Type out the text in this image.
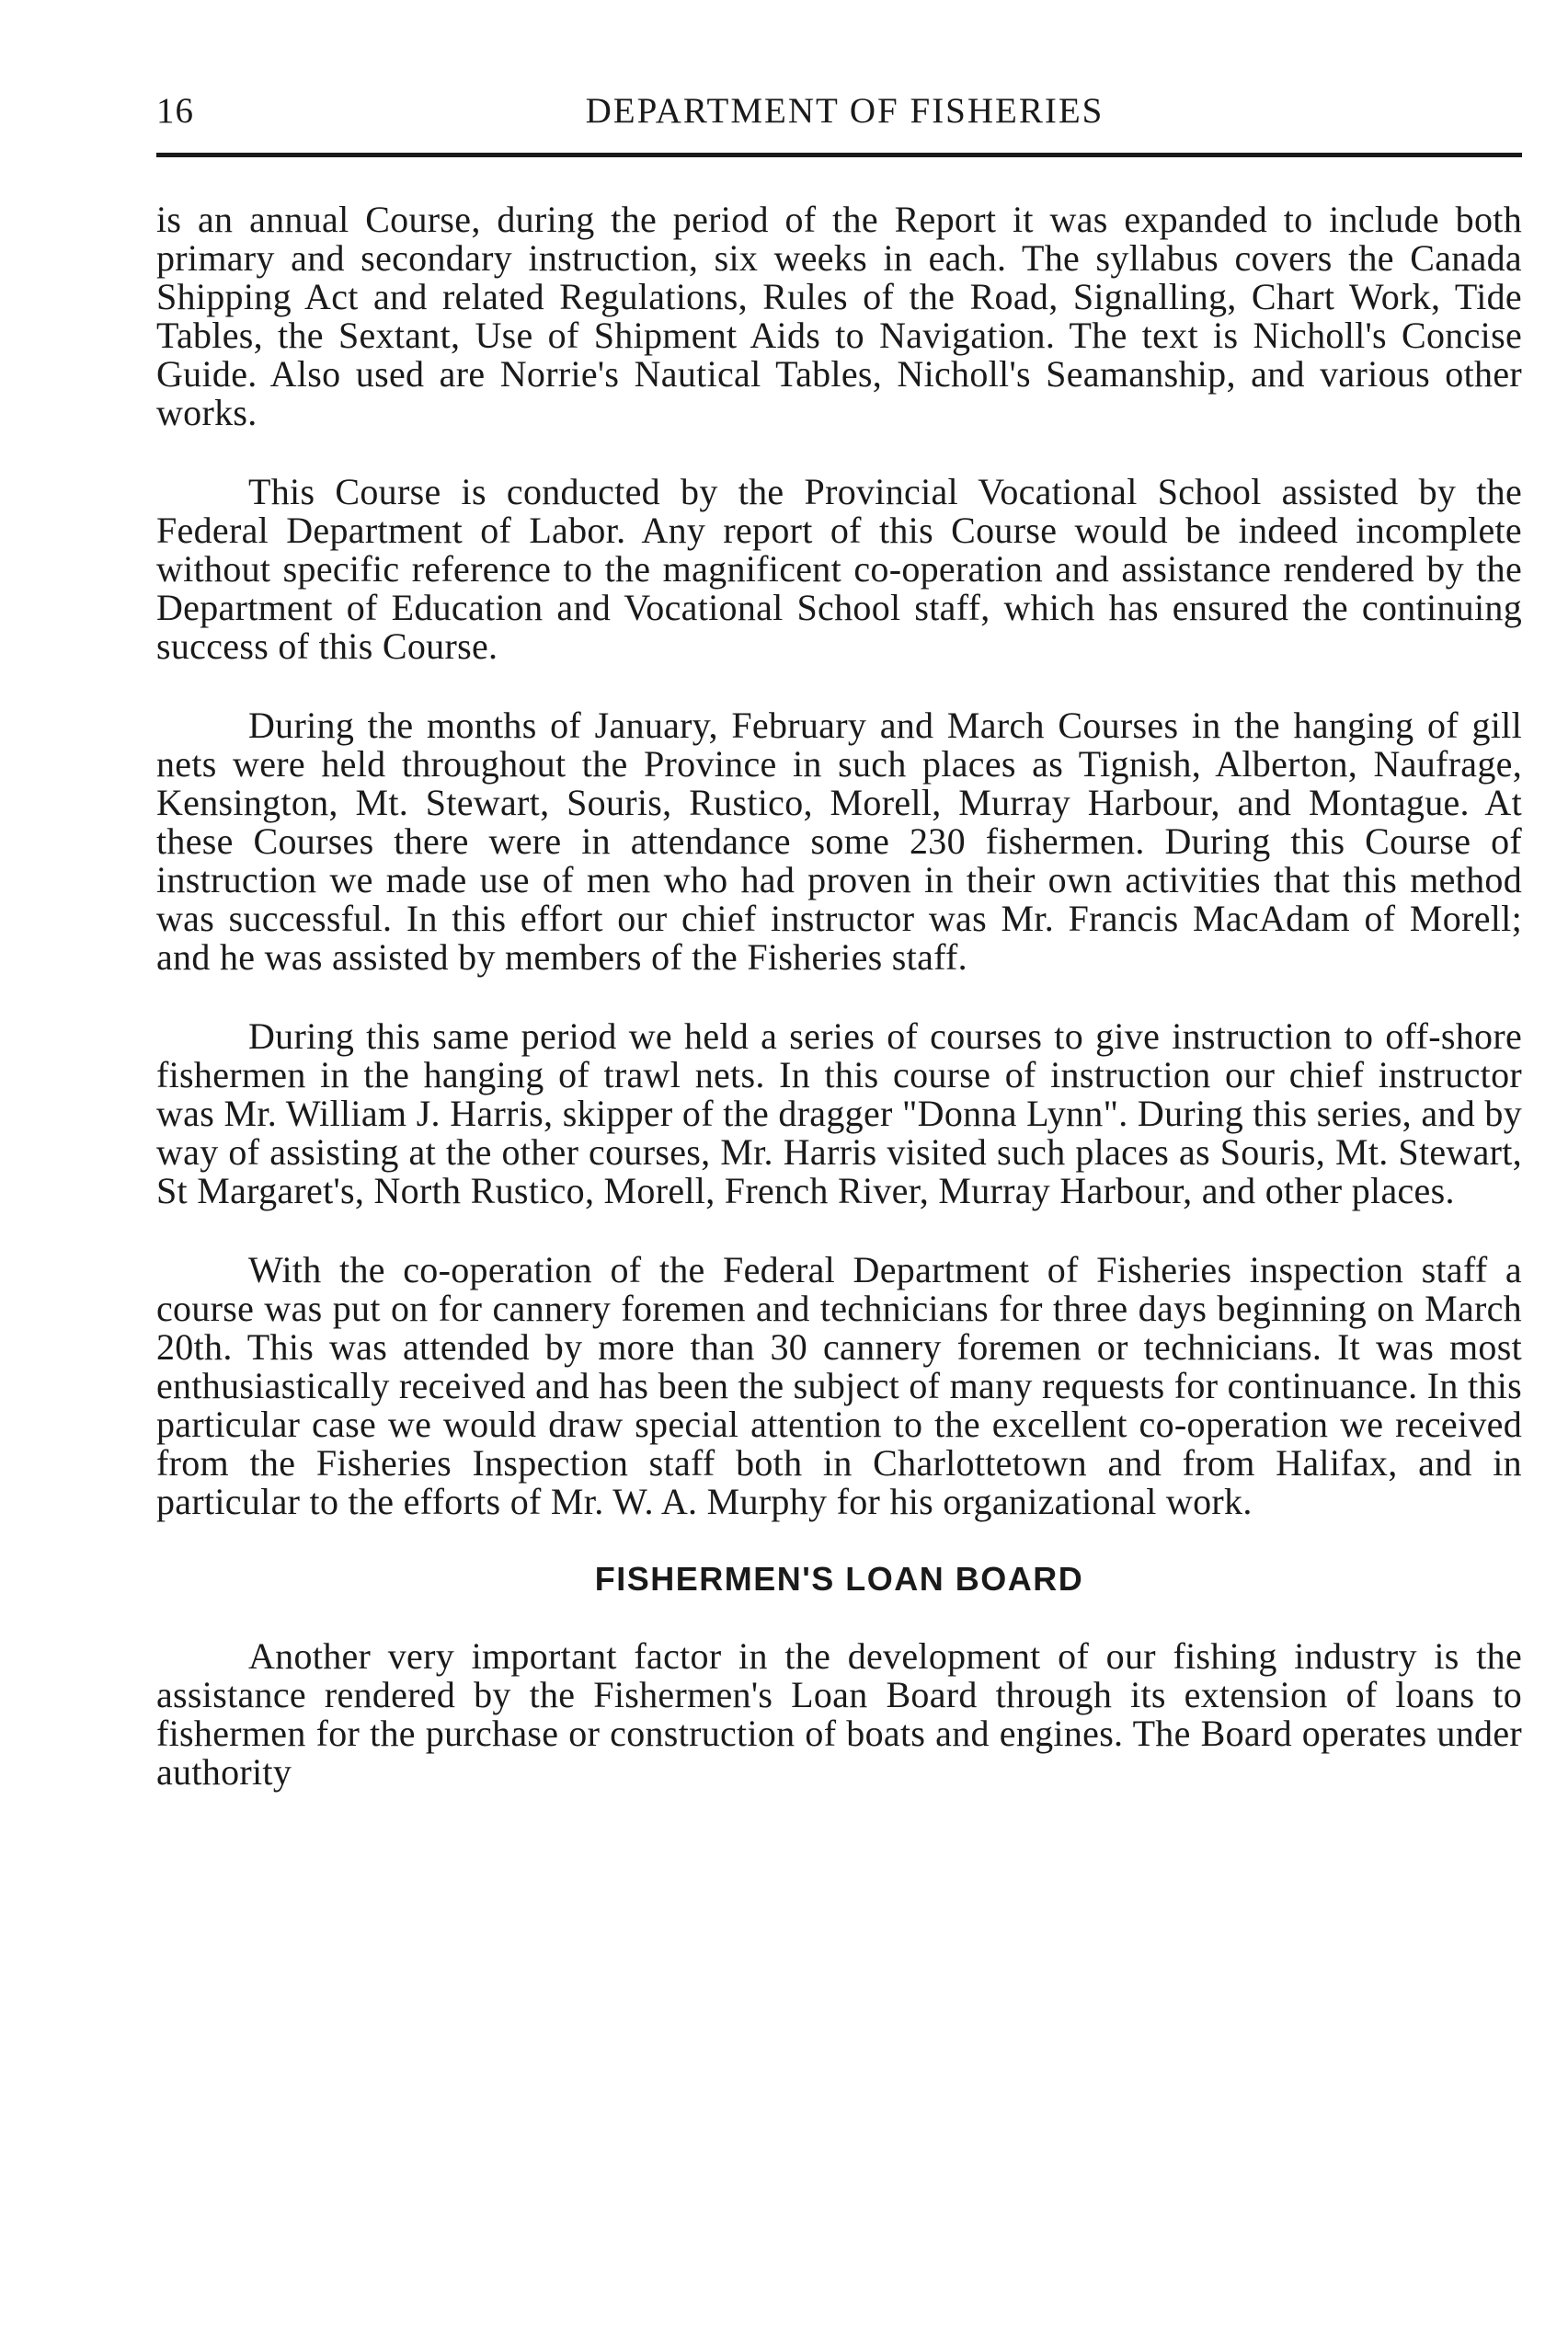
16	DEPARTMENT OF FISHERIES

is an annual Course, during the period of the Report it was expanded to include both primary and secondary instruction, six weeks in each. The syllabus covers the Canada Shipping Act and related Regulations, Rules of the Road, Signalling, Chart Work, Tide Tables, the Sextant, Use of Shipment Aids to Navigation. The text is Nicholl's Concise Guide. Also used are Norrie's Nautical Tables, Nicholl's Seamanship, and various other works.

This Course is conducted by the Provincial Vocational School assisted by the Federal Department of Labor. Any report of this Course would be indeed incomplete without specific reference to the magnificent co-operation and assistance rendered by the Department of Education and Vocational School staff, which has ensured the continuing success of this Course.

During the months of January, February and March Courses in the hanging of gill nets were held throughout the Province in such places as Tignish, Alberton, Naufrage, Kensington, Mt. Stewart, Souris, Rustico, Morell, Murray Harbour, and Montague. At these Courses there were in attendance some 230 fishermen. During this Course of instruction we made use of men who had proven in their own activities that this method was successful. In this effort our chief instructor was Mr. Francis MacAdam of Morell; and he was assisted by members of the Fisheries staff.

During this same period we held a series of courses to give instruction to off-shore fishermen in the hanging of trawl nets. In this course of instruction our chief instructor was Mr. William J. Harris, skipper of the dragger "Donna Lynn". During this series, and by way of assisting at the other courses, Mr. Harris visited such places as Souris, Mt. Stewart, St Margaret's, North Rustico, Morell, French River, Murray Harbour, and other places.

With the co-operation of the Federal Department of Fisheries inspection staff a course was put on for cannery foremen and technicians for three days beginning on March 20th. This was attended by more than 30 cannery foremen or technicians. It was most enthusiastically received and has been the subject of many requests for continuance. In this particular case we would draw special attention to the excellent co-operation we received from the Fisheries Inspection staff both in Charlottetown and from Halifax, and in particular to the efforts of Mr. W. A. Murphy for his organizational work.

FISHERMEN'S LOAN BOARD

Another very important factor in the development of our fishing industry is the assistance rendered by the Fishermen's Loan Board through its extension of loans to fishermen for the purchase or construction of boats and engines. The Board operates under authority
